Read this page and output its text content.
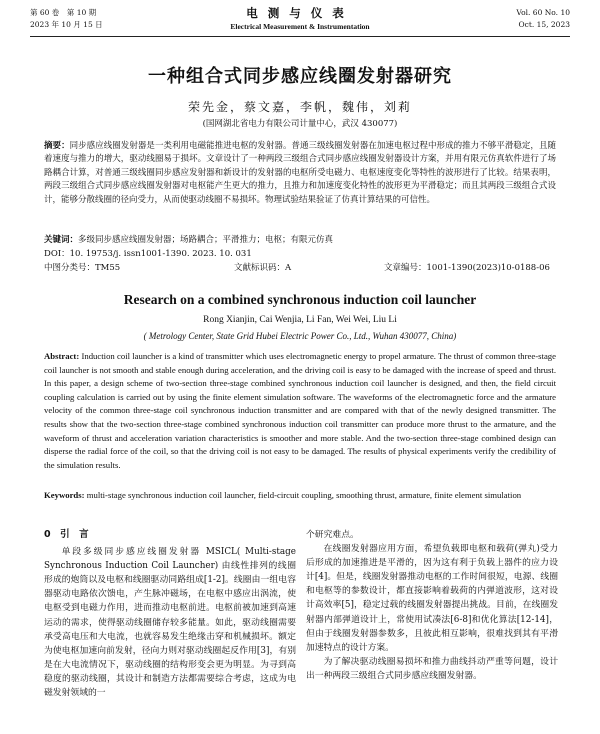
第 60 卷　第 10 期
2023 年 10 月 15 日
电测与仪表
Electrical Measurement & Instrumentation
Vol. 60 No. 10
Oct. 15, 2023
一种组合式同步感应线圈发射器研究
荣先金，蔡文嘉，李帆，魏伟，刘莉
(国网湖北省电力有限公司计量中心，武汉 430077)
摘要：同步感应线圈发射器是一类利用电磁能推进电枢的发射器。普通三级线圈发射器在加速电枢过程中形成的推力不够平滑稳定，且随着速度与推力的增大，驱动线圈易于损坏。文章设计了一种两段三级组合式同步感应线圈发射器设计方案，并用有限元仿真软件进行了场路耦合计算，对普通三级线圈同步感应发射器和新设计的发射器的电枢所受电磁力、电枢速度变化等特性的波形进行了比较。结果表明，两段三级组合式同步感应线圈发射器对电枢能产生更大的推力，且推力和加速度变化特性的波形更为平滑稳定；而且其两段三级组合式设计，能够分散线圈的径向受力，从而使驱动线圈不易损坏。物理试验结果验证了仿真计算结果的可信性。
关键词：多级同步感应线圈发射器；场路耦合；平滑推力；电枢；有限元仿真
DOI：10. 19753/j. issn1001-1390. 2023. 10. 031
中图分类号：TM55	文献标识码：A	文章编号：1001-1390(2023)10-0188-06
Research on a combined synchronous induction coil launcher
Rong Xianjin, Cai Wenjia, Li Fan, Wei Wei, Liu Li
( Metrology Center, State Grid Hubei Electric Power Co., Ltd., Wuhan 430077, China)
Abstract: Induction coil launcher is a kind of transmitter which uses electromagnetic energy to propel armature. The thrust of common three-stage coil launcher is not smooth and stable enough during acceleration, and the driving coil is easy to be damaged with the increase of speed and thrust. In this paper, a design scheme of two-section three-stage combined synchronous induction coil launcher is designed, and then, the field circuit coupling calculation is carried out by using the finite element simulation software. The waveforms of the electromagnetic force and the armature velocity of the common three-stage coil synchronous induction transmitter and are compared with that of the newly designed transmitter. The results show that the two-section three-stage combined synchronous induction coil transmitter can produce more thrust to the armature, and the waveform of thrust and acceleration variation characteristics is smoother and more stable. And the two-section three-stage combined design can disperse the radial force of the coil, so that the driving coil is not easy to be damaged. The results of physical experiments verify the credibility of the simulation results.
Keywords: multi-stage synchronous induction coil launcher, field-circuit coupling, smoothing thrust, armature, finite element simulation
0　引　言

单段多级同步感应线圈发射器 MSICL( Multi-stage Synchronous Induction Coil Launcher) 由线性排列的线圈形成的炮筒以及电枢和线圈驱动同路组成[1-2]。线圈由一组电容器驱动电路依次馈电，产生脉冲磁场，在电枢中感应出涡流，使电枢受到电磁力作用，进而推动电枢前进。电枢前被加速到高速运动的需求，使得驱动线圈储存较多能量。如此，驱动线圈需要承受高电压和大电流，也就容易发生绝缘击穿和机械损坏。额定为使电枢加速向前发射，径向力则对驱动线圈起反作用[3]，有别是在大电流情况下，驱动线圈的结构形变会更为明显。为寻到高稳度的驱动线圈，其设计和制造方法都需要综合考虑，这成为电磁发射领域的一

个研究难点。

在线圈发射器应用方面，希望负载即电枢和载荷(弹丸)受力后形成的加速推进是平滑的，因为这有利于负载上器件的应力设计[4]。但是，线圈发射器推动电枢的工作时间很短，电源、线圈和电枢等的参数设计，都直接影响着载荷的内弹道波形，这对设计高效率[5]，稳定过载的线圈发射器提出挑战。目前，在线圈发射器内部弹道设计上，常使用试凑法[6-8]和优化算法[12-14]，但由于线圈发射器参数多，且彼此相互影响，很难找到其有平滑加速特点的设计方案。

为了解决驱动线圈易损坏和推力曲线抖动严重等问题，设计出一种两段三级组合式同步感应线圈发射器。
